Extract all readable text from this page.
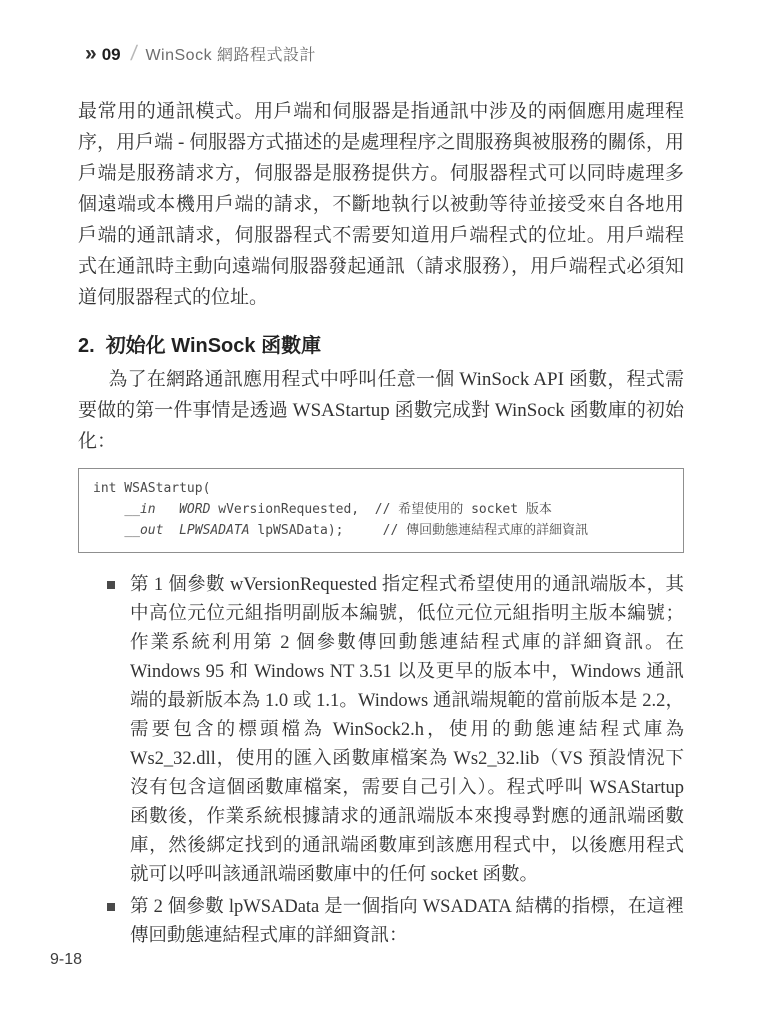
» 09 / WinSock 網路程式設計

最常用的通訊模式。用戶端和伺服器是指通訊中涉及的兩個應用處理程序，用戶端 - 伺服器方式描述的是處理程序之間服務與被服務的關係，用戶端是服務請求方，伺服器是服務提供方。伺服器程式可以同時處理多個遠端或本機用戶端的請求，不斷地執行以被動等待並接受來自各地用戶端的通訊請求，伺服器程式不需要知道用戶端程式的位址。用戶端程式在通訊時主動向遠端伺服器發起通訊（請求服務），用戶端程式必須知道伺服器程式的位址。

2. 初始化 WinSock 函數庫

為了在網路通訊應用程式中呼叫任意一個 WinSock API 函數，程式需要做的第一件事情是透過 WSAStartup 函數完成對 WinSock 函數庫的初始化：

int WSAStartup(
__in WORD wVersionRequested,  // 希望使用的 socket 版本
__out LPWSADATA lpWSAData);     // 傳回動態連結程式庫的詳細資訊
第 1 個參數 wVersionRequested 指定程式希望使用的通訊端版本，其中高位元位元組指明副版本編號，低位元位元組指明主版本編號；作業系統利用第 2 個參數傳回動態連結程式庫的詳細資訊。在 Windows 95 和 Windows NT 3.51 以及更早的版本中，Windows 通訊端的最新版本為 1.0 或 1.1。Windows 通訊端規範的當前版本是 2.2，需要包含的標頭檔為 WinSock2.h，使用的動態連結程式庫為 Ws2_32.dll，使用的匯入函數庫檔案為 Ws2_32.lib（VS 預設情況下沒有包含這個函數庫檔案，需要自己引入）。程式呼叫 WSAStartup 函數後，作業系統根據請求的通訊端版本來搜尋對應的通訊端函數庫，然後綁定找到的通訊端函數庫到該應用程式中，以後應用程式就可以呼叫該通訊端函數庫中的任何 socket 函數。
第 2 個參數 lpWSAData 是一個指向 WSADATA 結構的指標，在這裡傳回動態連結程式庫的詳細資訊：
9-18
